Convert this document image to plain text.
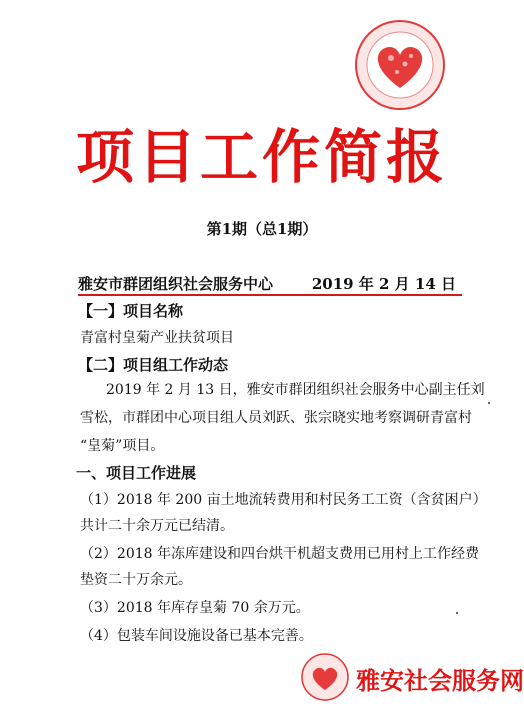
项目工作简报
第1期（总1期）
雅安市群团组织社会服务中心	2019 年 2 月 14 日
【一】项目名称
青富村皇菊产业扶贫项目
【二】项目组工作动态
2019 年 2 月 13 日，雅安市群团组织社会服务中心副主任刘
雪松，市群团中心项目组人员刘跃、张宗晓实地考察调研青富村
“皇菊”项目。
一、项目工作进展
（1）2018 年 200 亩土地流转费用和村民务工工资（含贫困户）
共计二十余万元已结清。
（2）2018 年冻库建设和四台烘干机超支费用已用村上工作经费
垫资二十万余元。
（3）2018 年库存皇菊 70 余万元。
（4）包装车间设施设备已基本完善。
雅安社会服务网
